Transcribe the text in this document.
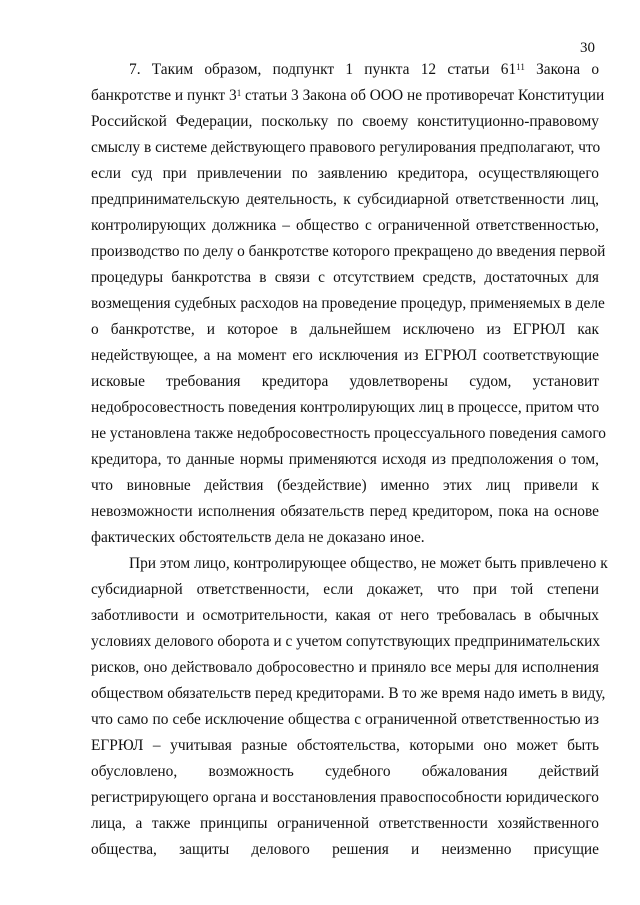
30
7. Таким образом, подпункт 1 пункта 12 статьи $61^{11}$ Закона о
банкротстве и пункт $3^1$ статьи 3 Закона об ООО не противоречат Конституции
Российской Федерации, поскольку по своему конституционно-правовому
смыслу в системе действующего правового регулирования предполагают, что
если суд при привлечении по заявлению кредитора, осуществляющего
предпринимательскую деятельность, к субсидиарной ответственности лиц,
контролирующих должника – общество с ограниченной ответственностью,
производство по делу о банкротстве которого прекращено до введения первой
процедуры банкротства в связи с отсутствием средств, достаточных для
возмещения судебных расходов на проведение процедур, применяемых в деле
о банкротстве, и которое в дальнейшем исключено из ЕГРЮЛ как
недействующее, а на момент его исключения из ЕГРЮЛ соответствующие
исковые требования кредитора удовлетворены судом, установит
недобросовестность поведения контролирующих лиц в процессе, притом что
не установлена также недобросовестность процессуального поведения самого
кредитора, то данные нормы применяются исходя из предположения о том,
что виновные действия (бездействие) именно этих лиц привели к
невозможности исполнения обязательств перед кредитором, пока на основе
фактических обстоятельств дела не доказано иное.
При этом лицо, контролирующее общество, не может быть привлечено к
субсидиарной ответственности, если докажет, что при той степени
заботливости и осмотрительности, какая от него требовалась в обычных
условиях делового оборота и с учетом сопутствующих предпринимательских
рисков, оно действовало добросовестно и приняло все меры для исполнения
обществом обязательств перед кредиторами. В то же время надо иметь в виду,
что само по себе исключение общества с ограниченной ответственностью из
ЕГРЮЛ – учитывая разные обстоятельства, которыми оно может быть
обусловлено, возможность судебного обжалования действий
регистрирующего органа и восстановления правоспособности юридического
лица, а также принципы ограниченной ответственности хозяйственного
общества, защиты делового решения и неизменно присущие
